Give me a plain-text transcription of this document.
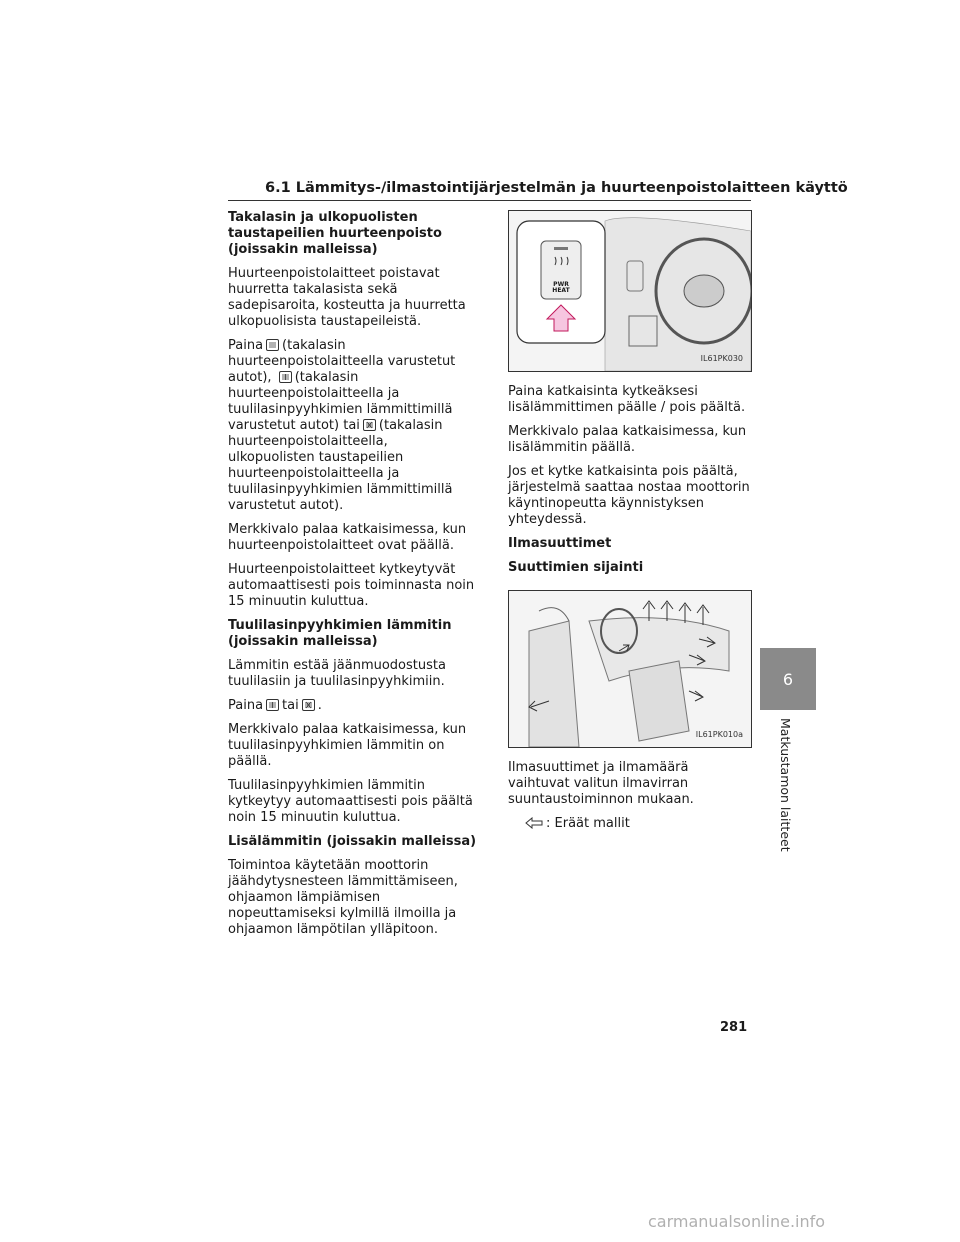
6.1 Lämmitys-/ilmastointijärjestelmän ja huurteenpoistolaitteen käyttö
Takalasin ja ulkopuolisten taustapeilien huurteenpoisto (joissakin malleissa)

Huurteenpoistolaitteet poistavat huurretta takalasista sekä sadepisaroita, kosteutta ja huurretta ulkopuolisista taustapeileistä.

Paina (takalasin huurteenpoistolaitteella varustetut autot), (takalasin huurteenpoistolaitteella ja tuulilasinpyyhkimien lämmittimillä varustetut autot) tai (takalasin huurteenpoistolaitteella, ulkopuolisten taustapeilien huurteenpoistolaitteella ja tuulilasinpyyhkimien lämmittimillä varustetut autot).

Merkkivalo palaa katkaisimessa, kun huurteenpoistolaitteet ovat päällä.

Huurteenpoistolaitteet kytkeytyvät automaattisesti pois toiminnasta noin 15 minuutin kuluttua.

Tuulilasinpyyhkimien lämmitin (joissakin malleissa)

Lämmitin estää jäänmuodostusta tuulilasiin ja tuulilasinpyyhkimiin.

Paina tai .

Merkkivalo palaa katkaisimessa, kun tuulilasinpyyhkimien lämmitin on päällä.

Tuulilasinpyyhkimien lämmitin kytkeytyy automaattisesti pois päältä noin 15 minuutin kuluttua.

Lisälämmitin (joissakin malleissa)

Toimintoa käytetään moottorin jäähdytysnesteen lämmittämiseen, ohjaamon lämpiämisen nopeuttamiseksi kylmillä ilmoilla ja ohjaamon lämpötilan ylläpitoon.

PWR HEAT
IL61PK030

Paina katkaisinta kytkeäksesi lisälämmittimen päälle / pois päältä.

Merkkivalo palaa katkaisimessa, kun lisälämmitin päällä.

Jos et kytke katkaisinta pois päältä, järjestelmä saattaa nostaa moottorin käyntinopeutta käynnistyksen yhteydessä.

Ilmasuuttimet
Suuttimien sijainti
IL61PK010a

Ilmasuuttimet ja ilmamäärä vaihtuvat valitun ilmavirran suuntaustoiminnon mukaan.

: Eräät mallit

6
Matkustamon laitteet
281
carmanualsonline.info
